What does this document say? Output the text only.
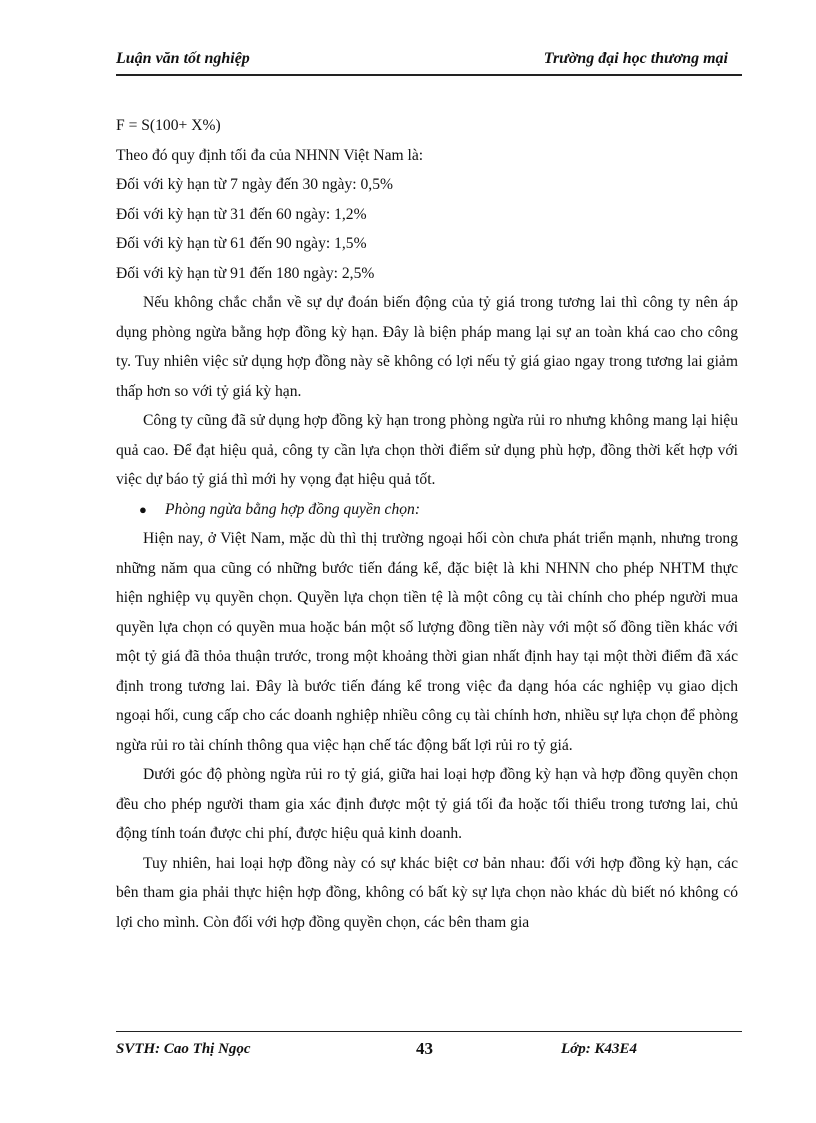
Luận văn tốt nghiệp	Trường đại học thương mại

F = S(100+ X%)

Theo đó quy định tối đa của NHNN Việt Nam là:

Đối với kỳ hạn từ 7 ngày đến 30 ngày: 0,5%

Đối với kỳ hạn từ 31 đến 60 ngày: 1,2%

Đối với kỳ hạn từ 61 đến 90 ngày: 1,5%

Đối với kỳ hạn từ 91 đến 180 ngày: 2,5%

Nếu không chắc chắn về sự dự đoán biến động của tỷ giá trong tương lai thì công ty nên áp dụng phòng ngừa bằng hợp đồng kỳ hạn. Đây là biện pháp mang lại sự an toàn khá cao cho công ty. Tuy nhiên việc sử dụng hợp đồng này sẽ không có lợi nếu tỷ giá giao ngay trong tương lai giảm thấp hơn so với tỷ giá kỳ hạn.

Công ty cũng đã sử dụng hợp đồng kỳ hạn trong phòng ngừa rủi ro nhưng không mang lại hiệu quả cao. Để đạt hiệu quả, công ty cần lựa chọn thời điểm sử dụng phù hợp, đồng thời kết hợp với việc dự báo tỷ giá thì mới hy vọng đạt hiệu quả tốt.

● Phòng ngừa bằng hợp đồng quyền chọn:

Hiện nay, ở Việt Nam, mặc dù thì thị trường ngoại hối còn chưa phát triển mạnh, nhưng trong những năm qua cũng có những bước tiến đáng kể, đặc biệt là khi NHNN cho phép NHTM thực hiện nghiệp vụ quyền chọn. Quyền lựa chọn tiền tệ là một công cụ tài chính cho phép người mua quyền lựa chọn có quyền mua hoặc bán một số lượng đồng tiền này với một số đồng tiền khác với một tỷ giá đã thỏa thuận trước, trong một khoảng thời gian nhất định hay tại một thời điểm đã xác định trong tương lai. Đây là bước tiến đáng kể trong việc đa dạng hóa các nghiệp vụ giao dịch ngoại hối, cung cấp cho các doanh nghiệp nhiều công cụ tài chính hơn, nhiều sự lựa chọn để phòng ngừa rủi ro tài chính thông qua việc hạn chế tác động bất lợi rủi ro tỷ giá.

Dưới góc độ phòng ngừa rủi ro tỷ giá, giữa hai loại hợp đồng kỳ hạn và hợp đồng quyền chọn đều cho phép người tham gia xác định được một tỷ giá tối đa hoặc tối thiểu trong tương lai, chủ động tính toán được chi phí, được hiệu quả kinh doanh.

Tuy nhiên, hai loại hợp đồng này có sự khác biệt cơ bản nhau: đối với hợp đồng kỳ hạn, các bên tham gia phải thực hiện hợp đồng, không có bất kỳ sự lựa chọn nào khác dù biết nó không có lợi cho mình. Còn đối với hợp đồng quyền chọn, các bên tham gia

SVTH: Cao Thị Ngọc	43	Lớp: K43E4
